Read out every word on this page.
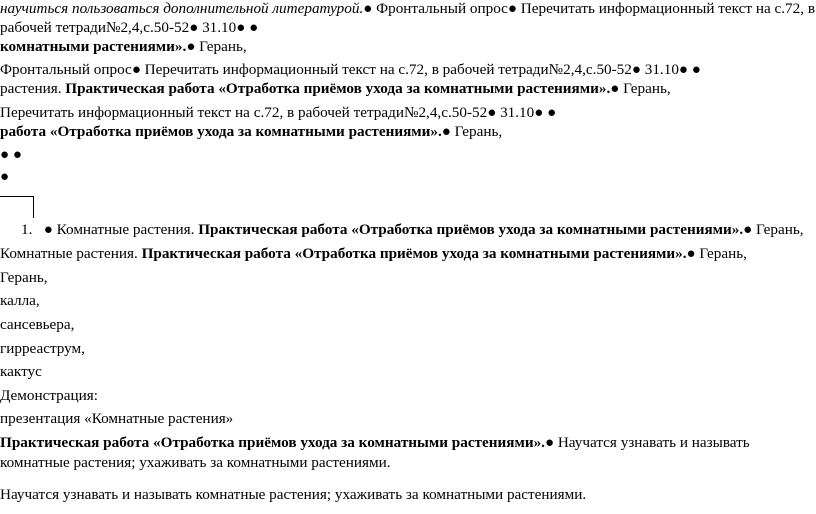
научиться пользоваться дополнительной литературой.● Фронтальный опрос● Перечитать информационный текст на с.72, в
рабочей тетради№2,4,с.50-52● 31.10● ●
комнатными растениями».● Герань,
Фронтальный опрос● Перечитать информационный текст на с.72, в рабочей тетради№2,4,с.50-52● 31.10● ●
растения. Практическая работа «Отработка приёмов ухода за комнатными растениями».● Герань,
Перечитать информационный текст на с.72, в рабочей тетради№2,4,с.50-52● 31.10● ●
работа «Отработка приёмов ухода за комнатными растениями».● Герань,
● ●
●
1. ● Комнатные растения. Практическая работа «Отработка приёмов ухода за комнатными растениями».● Герань,
Комнатные растения. Практическая работа «Отработка приёмов ухода за комнатными растениями».● Герань,
Герань,
калла,
сансевьера,
гирреаструм,
кактус
Демонстрация:
презентация «Комнатные растения»
Практическая работа «Отработка приёмов ухода за комнатными растениями».● Научатся узнавать и называть
комнатные растения; ухаживать за комнатными растениями.
Научатся узнавать и называть комнатные растения; ухаживать за комнатными растениями.
